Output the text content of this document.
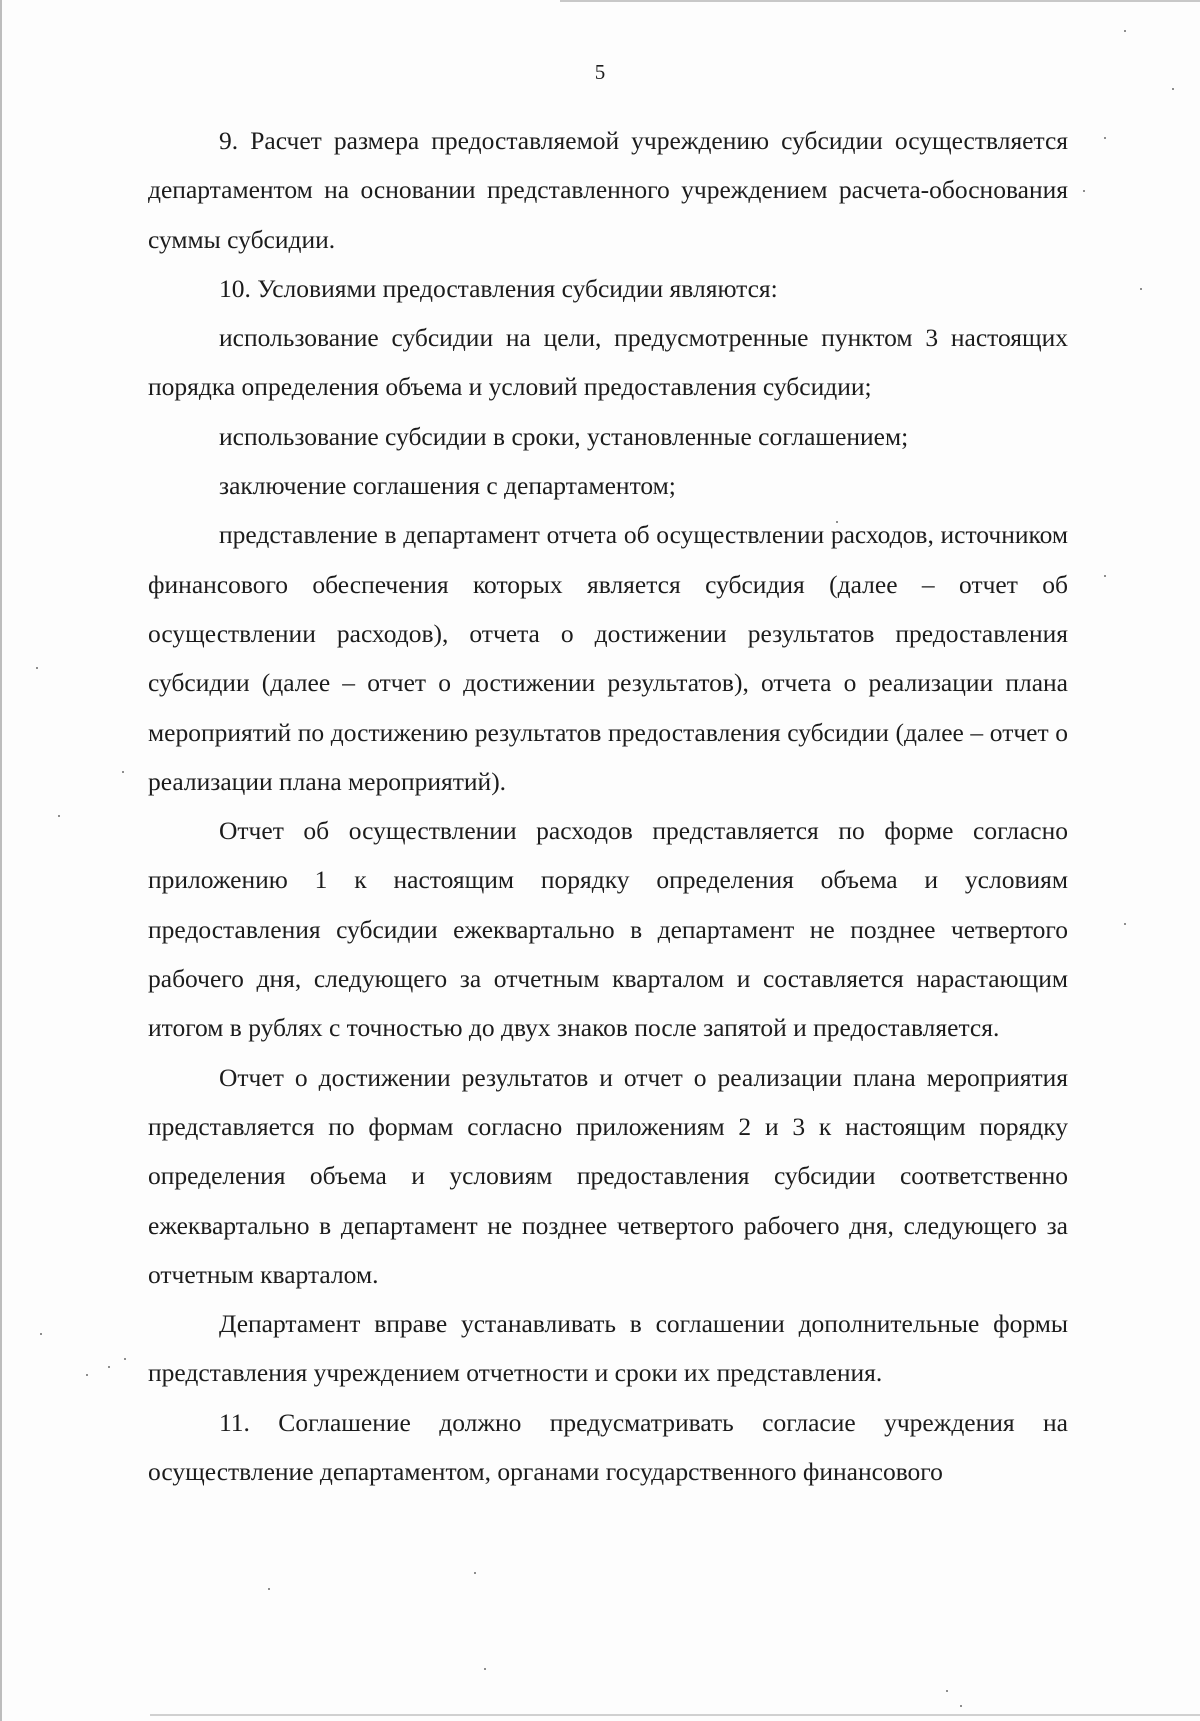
5

9. Расчет размера предоставляемой учреждению субсидии осуществляется департаментом на основании представленного учреждением расчета-обоснования суммы субсидии.

10. Условиями предоставления субсидии являются:

использование субсидии на цели, предусмотренные пунктом 3 настоящих порядка определения объема и условий предоставления субсидии;

использование субсидии в сроки, установленные соглашением;

заключение соглашения с департаментом;

представление в департамент отчета об осуществлении расходов, источником финансового обеспечения которых является субсидия (далее – отчет об осуществлении расходов), отчета о достижении результатов предоставления субсидии (далее – отчет о достижении результатов), отчета о реализации плана мероприятий по достижению результатов предоставления субсидии (далее – отчет о реализации плана мероприятий).

Отчет об осуществлении расходов представляется по форме согласно приложению 1 к настоящим порядку определения объема и условиям предоставления субсидии ежеквартально в департамент не позднее четвертого рабочего дня, следующего за отчетным кварталом и составляется нарастающим итогом в рублях с точностью до двух знаков после запятой и предоставляется.

Отчет о достижении результатов и отчет о реализации плана мероприятия представляется по формам согласно приложениям 2 и 3 к настоящим порядку определения объема и условиям предоставления субсидии соответственно ежеквартально в департамент не позднее четвертого рабочего дня, следующего за отчетным кварталом.

Департамент вправе устанавливать в соглашении дополнительные формы представления учреждением отчетности и сроки их представления.

11. Соглашение должно предусматривать согласие учреждения на осуществление департаментом, органами государственного финансового
